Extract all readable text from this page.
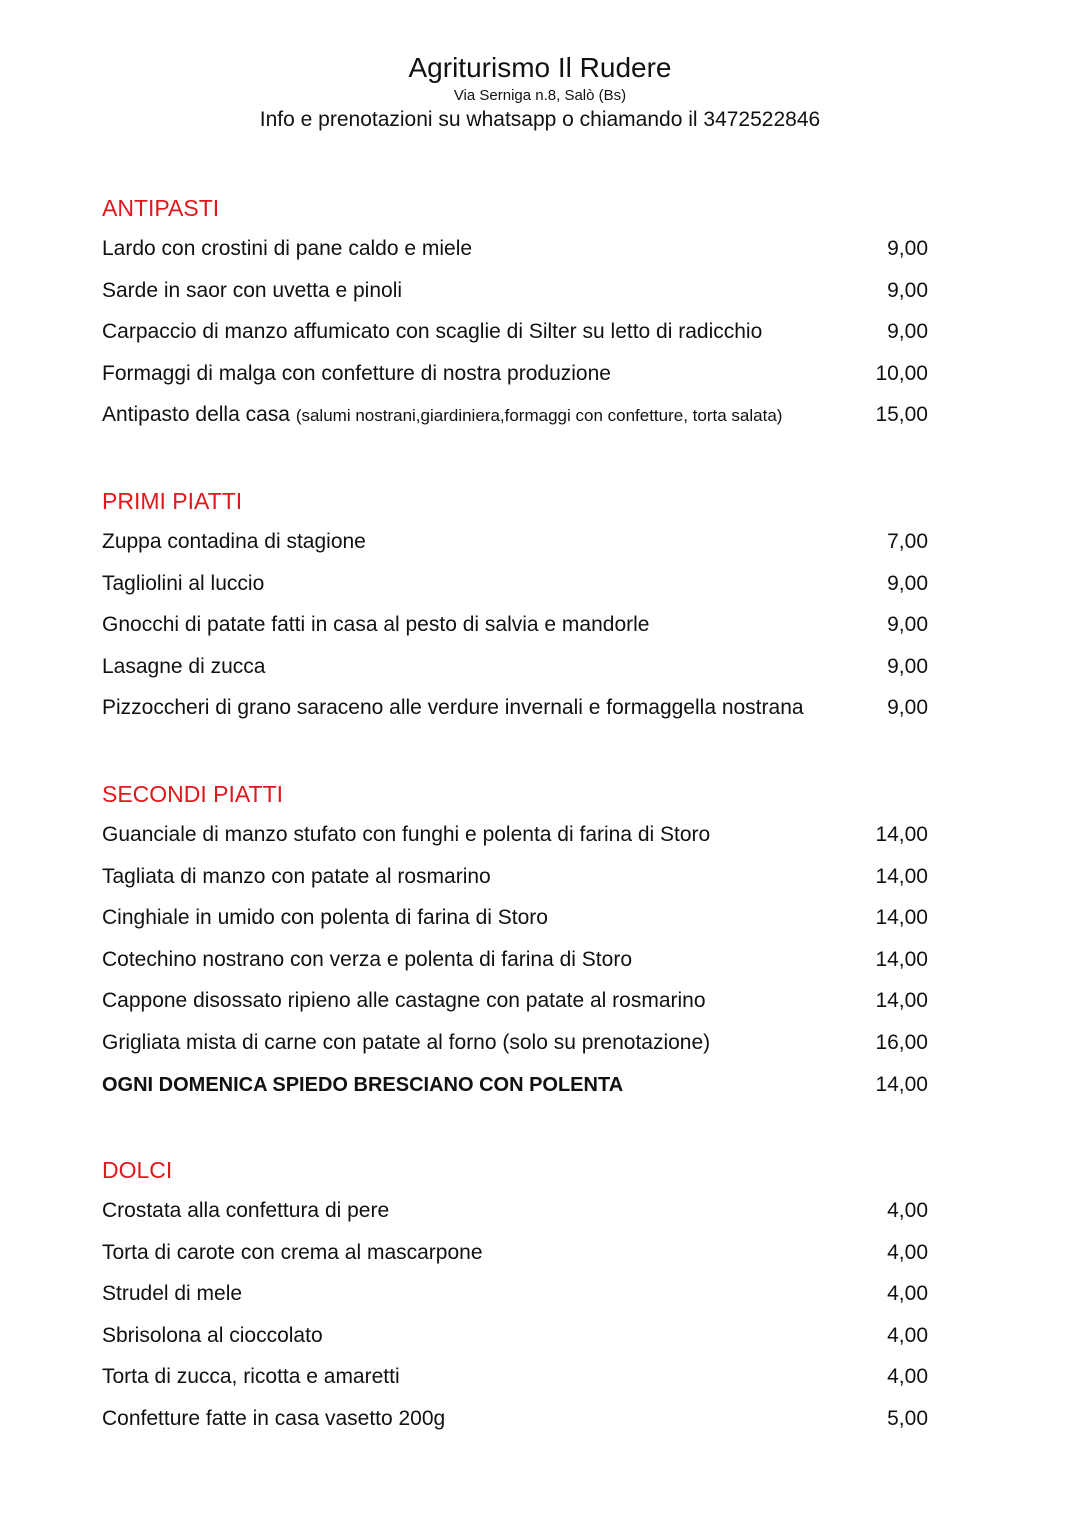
Agriturismo Il Rudere
Via Serniga n.8, Salò (Bs)
Info e prenotazioni su whatsapp o chiamando il 3472522846
ANTIPASTI
Lardo con crostini di pane caldo e miele	9,00
Sarde in saor con uvetta e pinoli	9,00
Carpaccio di manzo affumicato con scaglie di Silter su letto di radicchio	9,00
Formaggi di malga con confetture di nostra produzione	10,00
Antipasto della casa (salumi nostrani,giardiniera,formaggi con confetture, torta salata)	15,00
PRIMI PIATTI
Zuppa contadina di stagione	7,00
Tagliolini al luccio	9,00
Gnocchi di patate fatti in casa al pesto di salvia e mandorle	9,00
Lasagne di zucca	9,00
Pizzoccheri di grano saraceno alle verdure invernali e formaggella nostrana	9,00
SECONDI PIATTI
Guanciale di manzo stufato con funghi e polenta di farina di Storo	14,00
Tagliata di manzo con patate al rosmarino	14,00
Cinghiale in umido con polenta di farina di Storo	14,00
Cotechino nostrano con verza e polenta di farina di Storo	14,00
Cappone disossato ripieno alle castagne con patate al rosmarino	14,00
Grigliata mista di carne con patate al forno (solo su prenotazione)	16,00
OGNI DOMENICA SPIEDO BRESCIANO CON POLENTA	14,00
DOLCI
Crostata alla confettura di pere	4,00
Torta di carote con crema al mascarpone	4,00
Strudel di mele	4,00
Sbrisolona al cioccolato	4,00
Torta di zucca, ricotta e amaretti	4,00
Confetture fatte in casa vasetto 200g	5,00
